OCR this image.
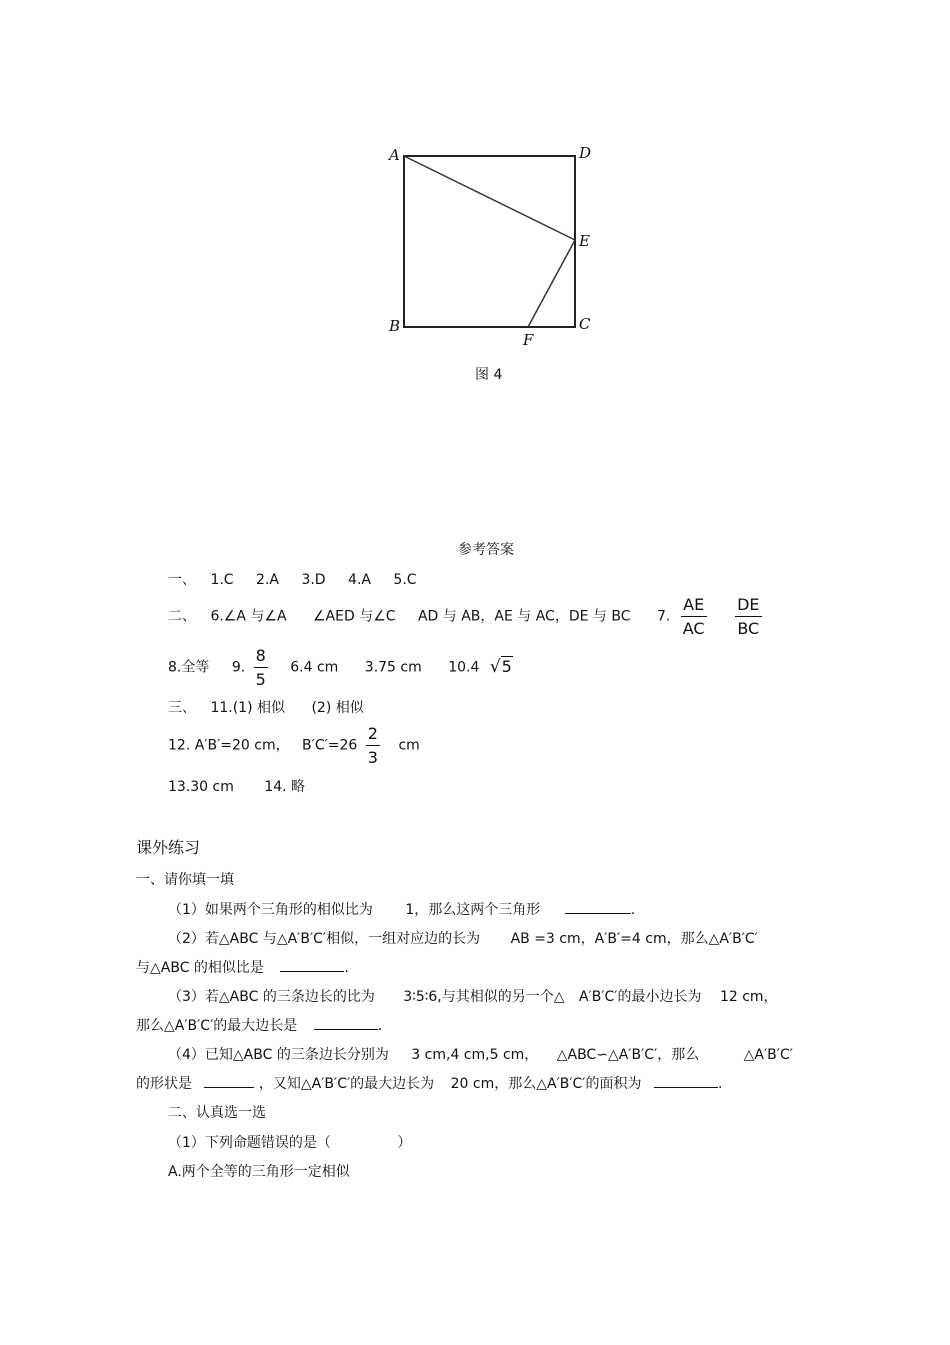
A	D
E
B	C
F
图 4
参考答案
一、 1.C 2.A 3.D 4.A 5.C
二、 6.∠A 与∠A ∠AED 与∠C AD 与 AB，AE 与 AC，DE 与 BC 7. $\frac{AE}{AC}$
$\frac{DE}{BC}$
8.全等 9. $\frac{8}{5} 6.4$ cm 3.75 cm 10.4 √5
三、 11.(1) 相似 (2) 相似
12. A′B′=20 cm， $B'C'=26 \frac{2}{3}$ cm
13.30 cm 14. 略
课外练习
一、请你填一填
（1）如果两个三角形的相似比为 1，那么这两个三角形	.
（2）若△ABC 与△A′B′C′相似，一组对应边的长为 AB =3 cm，A′B′=4 cm，那么△A′B′C′
与△ABC 的相似比是	.
（3）若△ABC 的三条边长的比为 3∶5∶6,与其相似的另一个△ A′B′C′的最小边长为 12 cm，
那么△A′B′C′的最大边长是	.
（4）已知△ABC 的三条边长分别为 3 cm,4 cm,5 cm， △ABC∽△A′B′C′，那么	△A′B′C′
的形状是	，又知△A′B′C′的最大边长为 20 cm，那么△A′B′C′的面积为	.
二、认真选一选
（1）下列命题错误的是（	）
A.两个全等的三角形一定相似
